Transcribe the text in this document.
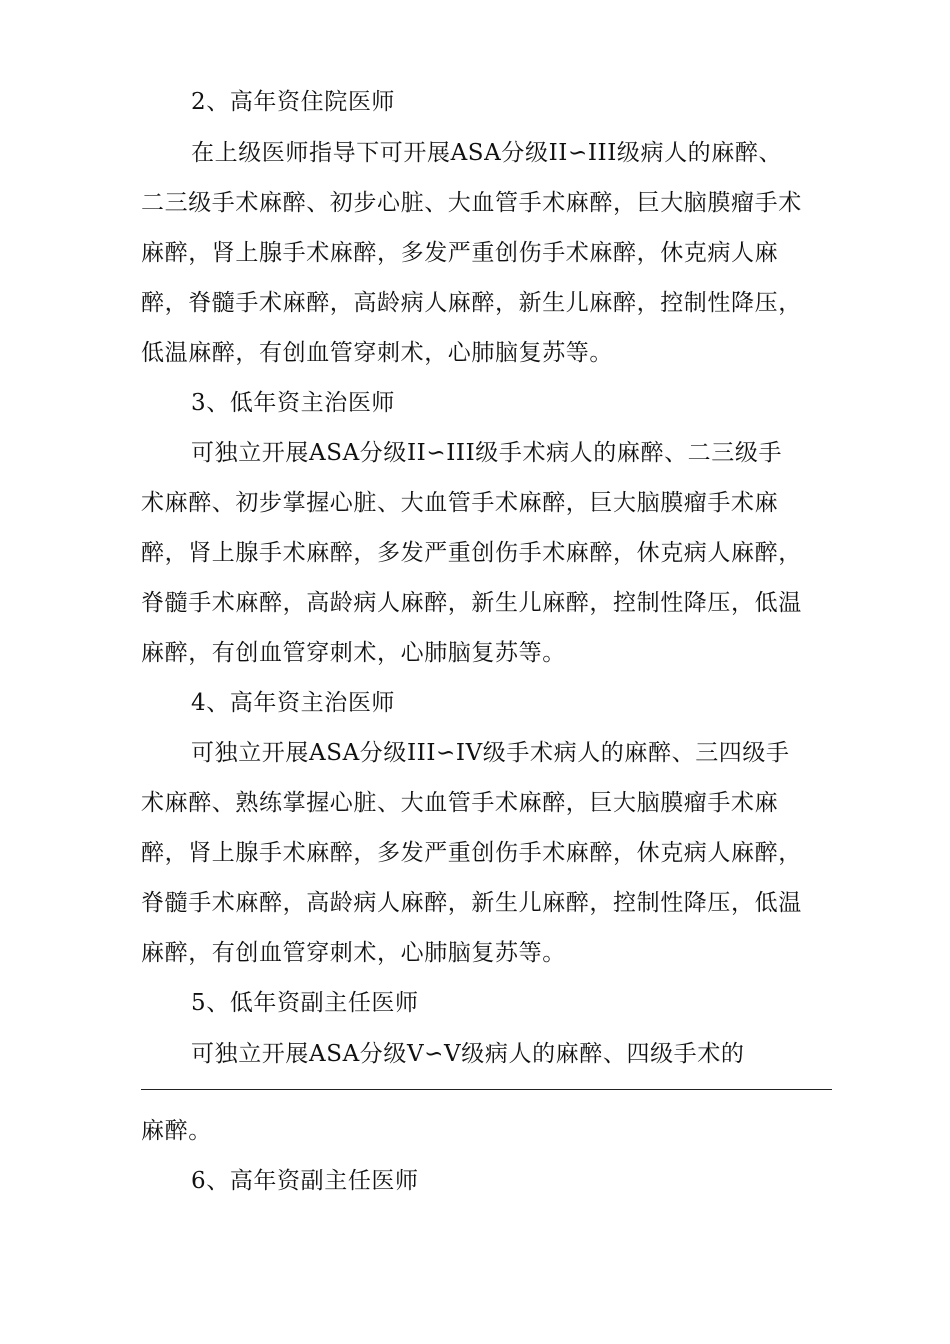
2、高年资住院医师
在上级医师指导下可开展ASA分级II∽III级病人的麻醉、
二三级手术麻醉、初步心脏、大血管手术麻醉，巨大脑膜瘤手术
麻醉，肾上腺手术麻醉，多发严重创伤手术麻醉，休克病人麻
醉，脊髓手术麻醉，高龄病人麻醉，新生儿麻醉，控制性降压，
低温麻醉，有创血管穿刺术，心肺脑复苏等。
3、低年资主治医师
可独立开展ASA分级II∽III级手术病人的麻醉、二三级手
术麻醉、初步掌握心脏、大血管手术麻醉，巨大脑膜瘤手术麻
醉，肾上腺手术麻醉，多发严重创伤手术麻醉，休克病人麻醉，
脊髓手术麻醉，高龄病人麻醉，新生儿麻醉，控制性降压，低温
麻醉，有创血管穿刺术，心肺脑复苏等。
4、高年资主治医师
可独立开展ASA分级III∽IV级手术病人的麻醉、三四级手
术麻醉、熟练掌握心脏、大血管手术麻醉，巨大脑膜瘤手术麻
醉，肾上腺手术麻醉，多发严重创伤手术麻醉，休克病人麻醉，
脊髓手术麻醉，高龄病人麻醉，新生儿麻醉，控制性降压，低温
麻醉，有创血管穿刺术，心肺脑复苏等。
5、低年资副主任医师
可独立开展ASA分级V∽V级病人的麻醉、四级手术的
麻醉。
6、高年资副主任医师
